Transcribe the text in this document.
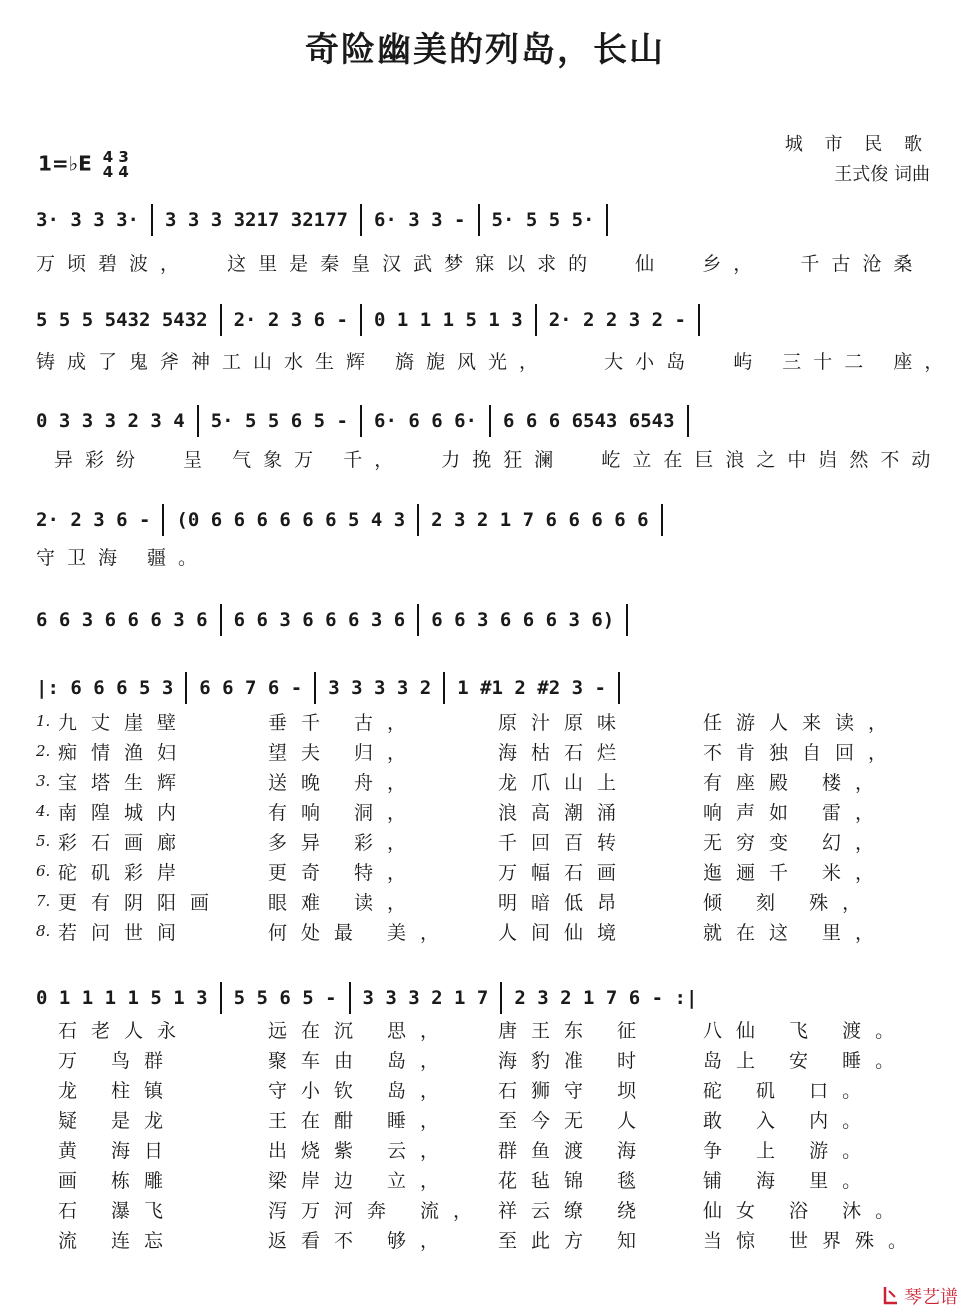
奇险幽美的列岛，长山
1=♭E 4 3
4 4
城 市 民 歌
王式俊 词曲
3· 3 3 3· 3 3 3 3217 32177 6· 3 3 - 5· 5 5 5·
万顷碧波，  这里是秦皇汉武梦寐以求的  仙  乡，  千古沧桑
5 5 5 5432 5432 2· 2 3 6 - 0 1 1 1 5 1 3 2· 2 2 3 2 -
铸成了鬼斧神工山水生辉 旖旎风光，   大小岛  屿 三十二 座，
0 3 3 3 2 3 4 5· 5 5 6 5 - 6· 6 6 6· 6 6 6 6543 6543
异彩纷  呈 气象万 千，  力挽狂澜  屹立在巨浪之中岿然不动
2· 2 3 6 - (0 6 6 6 6 6 6 5 4 3 2 3 2 1 7 6 6 6 6 6
守卫海 疆。
6 6 3 6 6 6 3 6 6 6 3 6 6 6 3 6 6 6 3 6 6 6 3 6)
|: 6 6 6 5 3 6 6 7 6 - 3 3 3 3 2 1 #1 2 #2 3 -
1. 九丈崖壁	垂千 古，	原汁原味	任游人来读，
2. 痴情渔妇	望夫 归，	海枯石烂	不肯独自回，
3. 宝塔生辉	送晚 舟，	龙爪山上	有座殿 楼，
4. 南隍城内	有响 洞，	浪高潮涌	响声如 雷，
5. 彩石画廊	多异 彩，	千回百转	无穷变 幻，
6. 砣矶彩岸	更奇 特，	万幅石画	迤逦千 米，
7. 更有阴阳画	眼难 读，	明暗低昂	倾 刻 殊，
8. 若问世间	何处最 美，	人间仙境	就在这 里，
0 1 1 1 1 5 1 3 5 5 6 5 - 3 3 3 2 1 7 2 3 2 1 7 6 - :|
石老人永	远在沉 思，	唐王东 征	八仙 飞 渡。
万 鸟群	聚车由 岛，	海豹准 时	岛上 安 睡。
龙 柱镇	守小钦 岛，	石狮守 坝	砣 矶 口。
疑 是龙	王在酣 睡，	至今无 人	敢 入 内。
黄 海日	出烧紫 云，	群鱼渡 海	争 上 游。
画 栋雕	梁岸边 立，	花毡锦 毯	铺 海 里。
石 瀑飞	泻万河奔 流， 祥云缭 绕	仙女 浴 沐。
流 连忘	返看不 够，	至此方 知	当惊 世界殊。
琴艺谱
